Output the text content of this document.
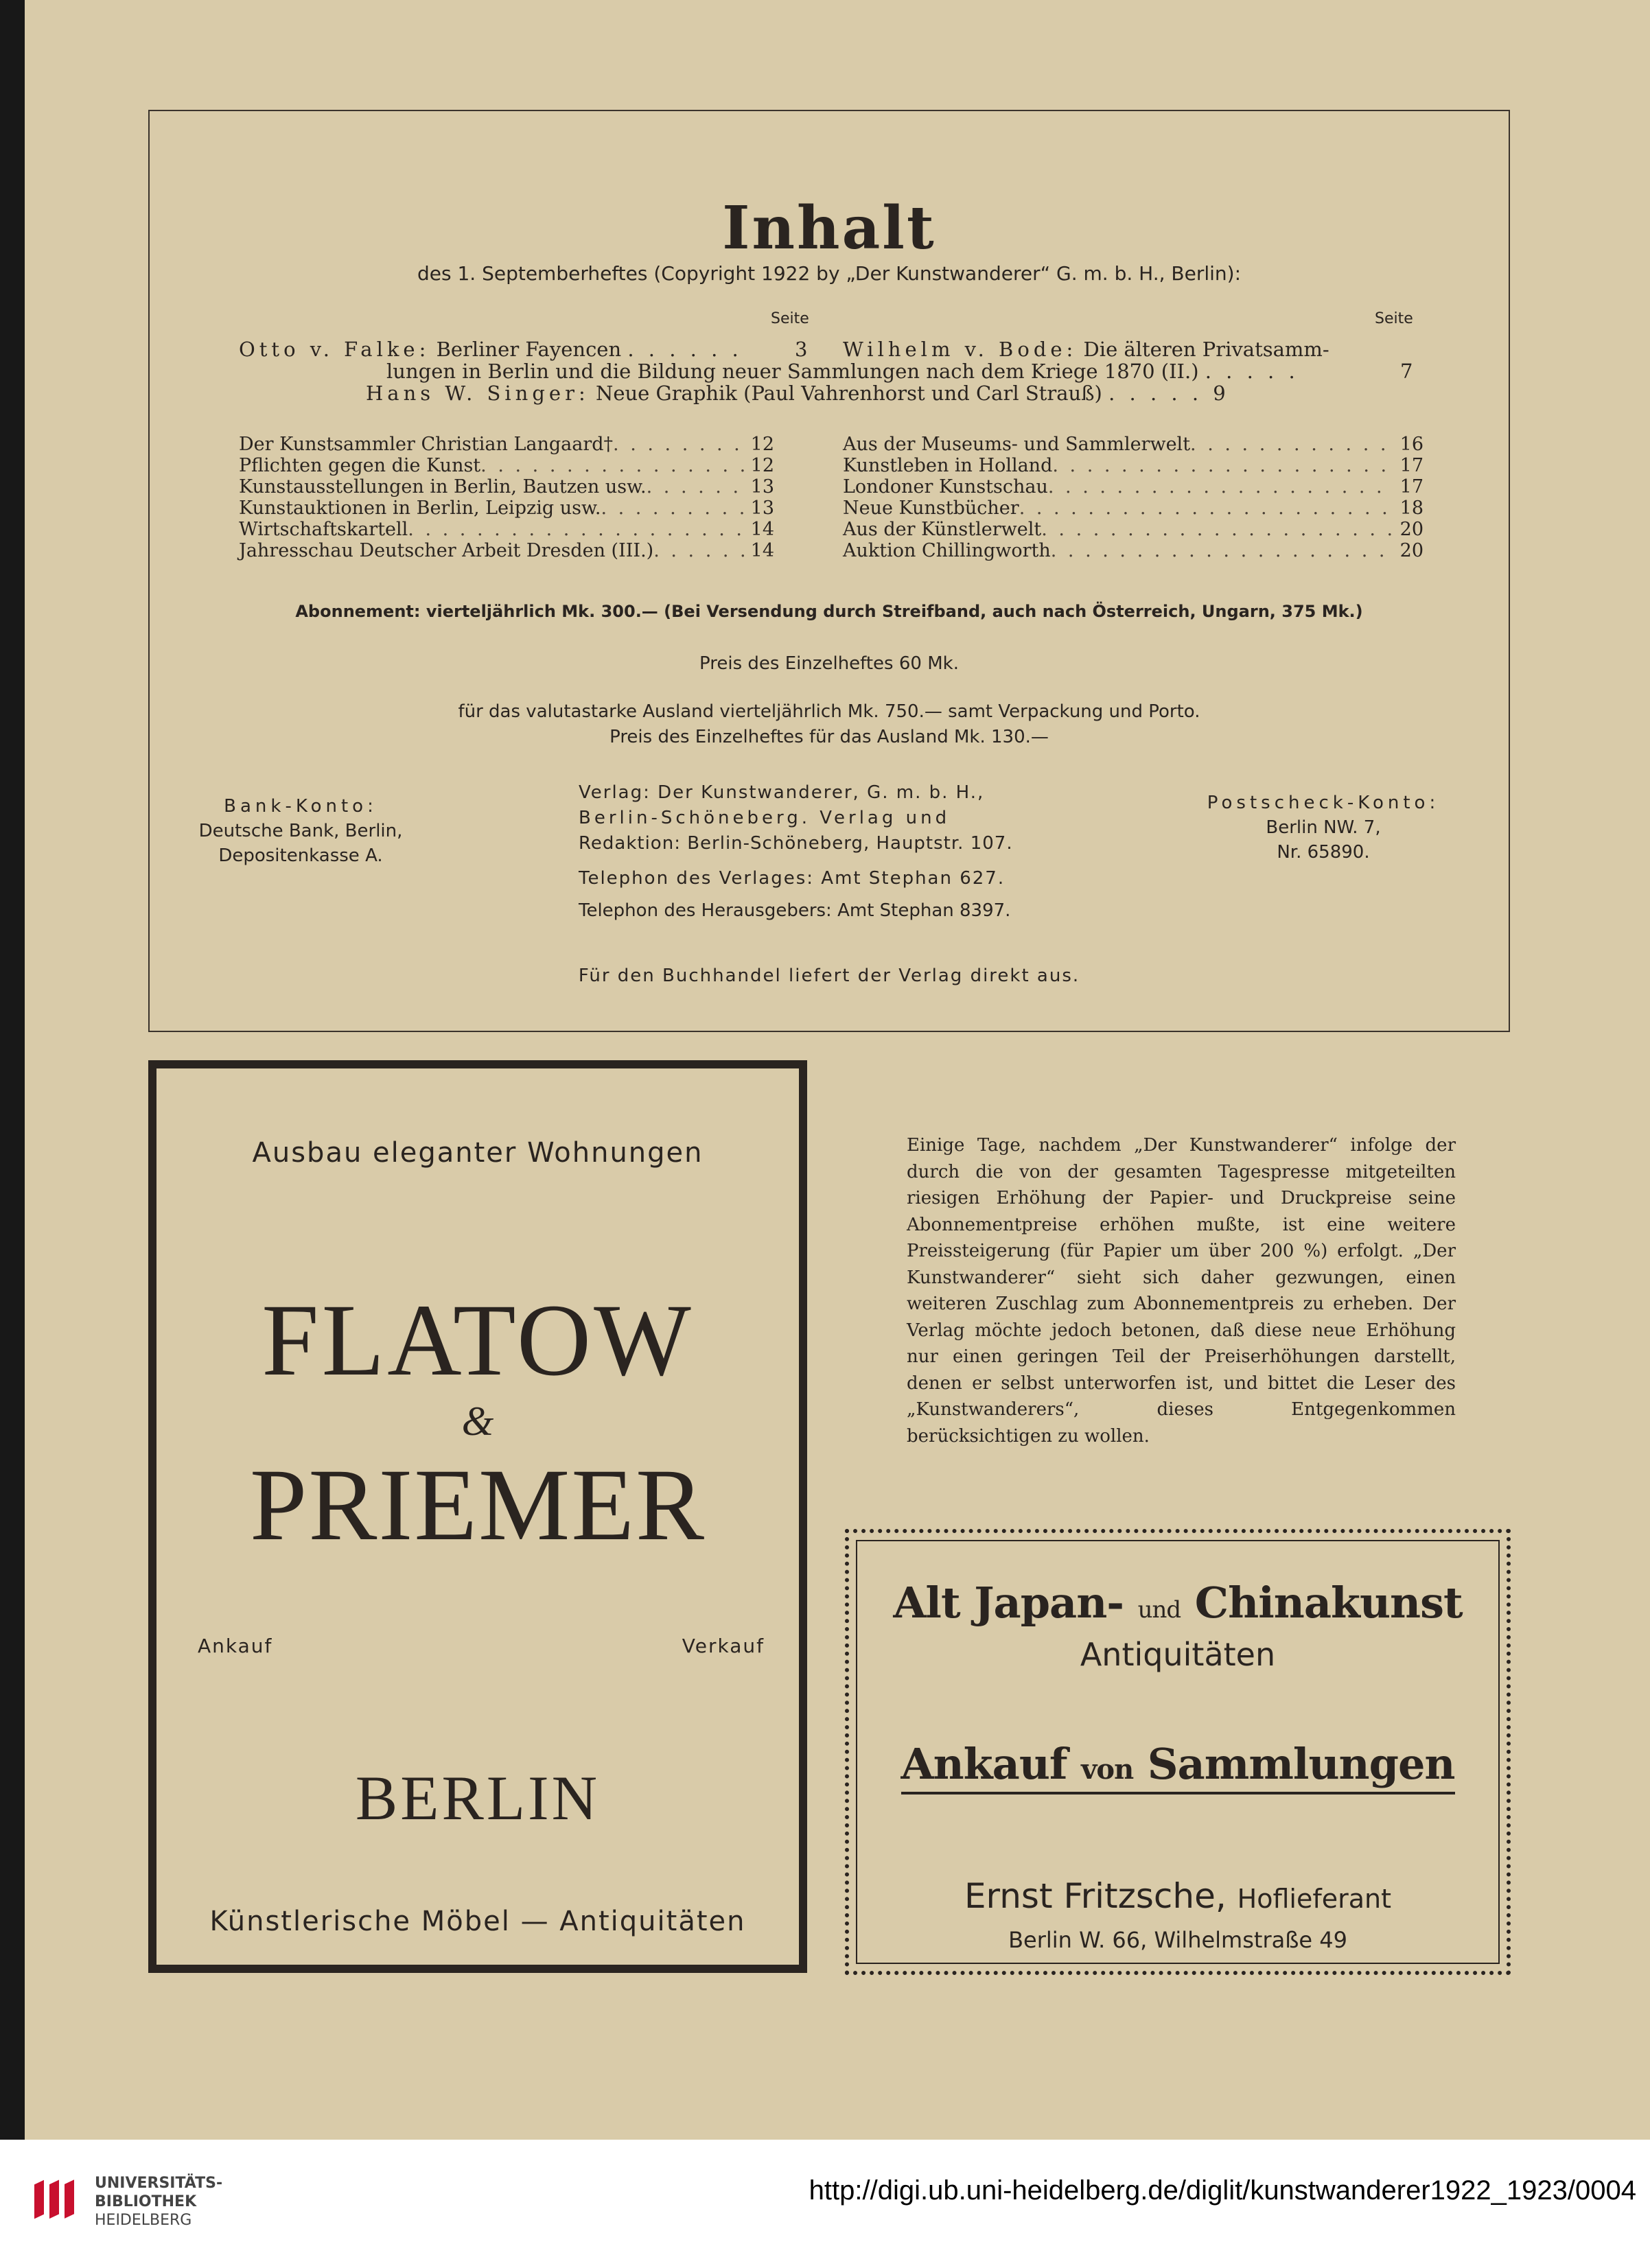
Inhalt
des 1. Septemberheftes (Copyright 1922 by „Der Kunstwanderer“ G. m. b. H., Berlin):
Seite	Seite
Otto v. Falke: Berliner Fayencen . . . . . .	3 Wilhelm v. Bode: Die älteren Privatsamm-
lungen in Berlin und die Bildung neuer Sammlungen nach dem Kriege 1870 (II.) . . . . .	7
Hans W. Singer: Neue Graphik (Paul Vahrenhorst und Carl Strauß) . . . . . 9
Der Kunstsammler Christian Langaard† . . .	12
Pflichten gegen die Kunst . . .	12
Kunstausstellungen in Berlin, Bautzen usw. . . .	13
Kunstauktionen in Berlin, Leipzig usw. . . .	13
Wirtschaftskartell . . .	14
Jahresschau Deutscher Arbeit Dresden (III.) . . .	14
Aus der Museums- und Sammlerwelt . . .	16
Kunstleben in Holland . . .	17
Londoner Kunstschau . . .	17
Neue Kunstbücher . . .	18
Aus der Künstlerwelt . . .	20
Auktion Chillingworth . . .	20
Abonnement: vierteljährlich Mk. 300.— (Bei Versendung durch Streifband, auch nach Österreich, Ungarn, 375 Mk.)
Preis des Einzelheftes 60 Mk.
für das valutastarke Ausland vierteljährlich Mk. 750.— samt Verpackung und Porto.
Preis des Einzelheftes für das Ausland Mk. 130.—
Bank-Konto:
Deutsche Bank, Berlin,
Depositenkasse A.
Verlag: Der Kunstwanderer, G. m. b. H.,
Berlin-Schöneberg. Verlag und
Redaktion: Berlin-Schöneberg, Hauptstr. 107.
Telephon des Verlages: Amt Stephan 627.
Telephon des Herausgebers: Amt Stephan 8397.
Postscheck-Konto:
Berlin NW. 7,
Nr. 65890.
Für den Buchhandel liefert der Verlag direkt aus.
Ausbau eleganter Wohnungen
FLATOW
&
PRIEMER
Ankauf	Verkauf
BERLIN
Künstlerische Möbel — Antiquitäten
Einige Tage, nachdem „Der Kunstwanderer“ infolge der durch die von der gesamten Tagespresse mitgeteilten riesigen Erhöhung der Papier- und Druckpreise seine Abonnementpreise erhöhen mußte, ist eine weitere Preissteigerung (für Papier um über 200 %) erfolgt. „Der Kunstwanderer“ sieht sich daher gezwungen, einen weiteren Zuschlag zum Abonnementpreis zu erheben. Der Verlag möchte jedoch betonen, daß diese neue Erhöhung nur einen geringen Teil der Preiserhöhungen darstellt, denen er selbst unterworfen ist, und bittet die Leser des „Kunstwanderers“, dieses Entgegenkommen berücksichtigen zu wollen.
Alt Japan- und Chinakunst
Antiquitäten
Ankauf von Sammlungen
Ernst Fritzsche, Hoflieferant
Berlin W. 66, Wilhelmstraße 49
UNIVERSITÄTS-
BIBLIOTHEK
HEIDELBERG
http://digi.ub.uni-heidelberg.de/diglit/kunstwanderer1922_1923/0004
